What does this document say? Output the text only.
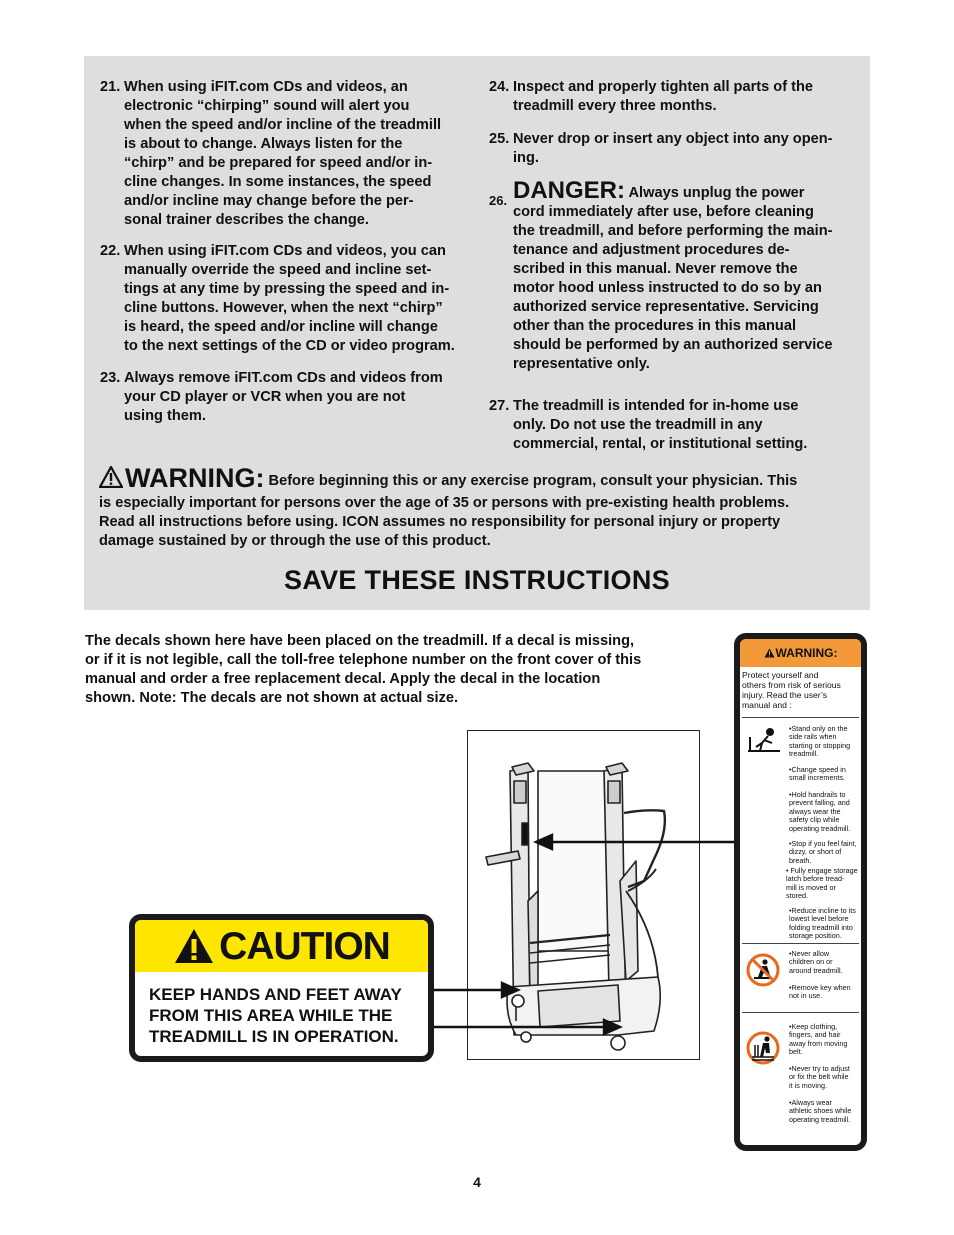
21. When using iFIT.com CDs and videos, an
electronic “chirping” sound will alert you
when the speed and/or incline of the treadmill
is about to change. Always listen for the
“chirp” and be prepared for speed and/or in-
cline changes. In some instances, the speed
and/or incline may change before the per-
sonal trainer describes the change.
22. When using iFIT.com CDs and videos, you can
manually override the speed and incline set-
tings at any time by pressing the speed and in-
cline buttons. However, when the next “chirp”
is heard, the speed and/or incline will change
to the next settings of the CD or video program.
23. Always remove iFIT.com CDs and videos from
your CD player or VCR when you are not
using them.
24. Inspect and properly tighten all parts of the
treadmill every three months.
25. Never drop or insert any object into any open-
ing.
26. DANGER: Always unplug the power
cord immediately after use, before cleaning
the treadmill, and before performing the main-
tenance and adjustment procedures de-
scribed in this manual. Never remove the
motor hood unless instructed to do so by an
authorized service representative. Servicing
other than the procedures in this manual
should be performed by an authorized service
representative only.
27. The treadmill is intended for in-home use
only. Do not use the treadmill in any
commercial, rental, or institutional setting.
WARNING: Before beginning this or any exercise program, consult your physician. This
is especially important for persons over the age of 35 or persons with pre-existing health problems.
Read all instructions before using. ICON assumes no responsibility for personal injury or property
damage sustained by or through the use of this product.
SAVE THESE INSTRUCTIONS
The decals shown here have been placed on the treadmill. If a decal is missing,
or if it is not legible, call the toll-free telephone number on the front cover of this
manual and order a free replacement decal. Apply the decal in the location
shown. Note: The decals are not shown at actual size.
CAUTION
KEEP HANDS AND FEET AWAY
FROM THIS AREA WHILE THE
TREADMILL IS IN OPERATION.
WARNING:
Protect yourself and
others from risk of serious
injury. Read the user’s
manual and :
•Stand only on the
side rails when
starting or stopping
treadmill.
•Change speed in
small increments.
•Hold handrails to
prevent falling, and
always wear the
safety clip while
operating treadmill.
•Stop if you feel faint,
dizzy, or short of
breath.
• Fully engage storage
latch before tread-
mill is moved or
stored.
•Reduce incline to its
lowest level before
folding treadmill into
storage position.
•Never allow
children on or
around treadmill.
•Remove key when
not in use.
•Keep clothing,
fingers, and hair
away from moving
belt.
•Never try to adjust
or fix the belt while
it is moving.
•Always wear
athletic shoes while
operating treadmill.
4
